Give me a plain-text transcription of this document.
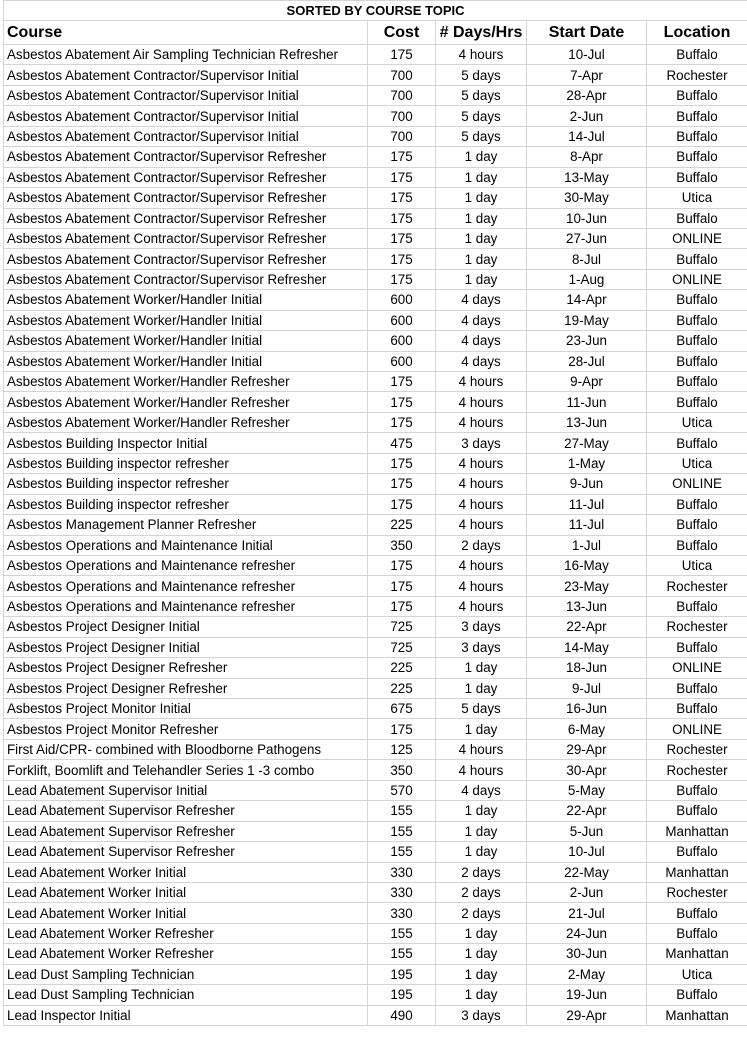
SORTED BY COURSE TOPIC				
Course	Cost	# Days/Hrs	Start Date	Location
Asbestos Abatement Air Sampling Technician Refresher	175	4 hours	10-Jul	Buffalo
Asbestos Abatement Contractor/Supervisor Initial	700	5 days	7-Apr	Rochester
Asbestos Abatement Contractor/Supervisor Initial	700	5 days	28-Apr	Buffalo
Asbestos Abatement Contractor/Supervisor Initial	700	5 days	2-Jun	Buffalo
Asbestos Abatement Contractor/Supervisor Initial	700	5 days	14-Jul	Buffalo
Asbestos Abatement Contractor/Supervisor Refresher	175	1 day	8-Apr	Buffalo
Asbestos Abatement Contractor/Supervisor Refresher	175	1 day	13-May	Buffalo
Asbestos Abatement Contractor/Supervisor Refresher	175	1 day	30-May	Utica
Asbestos Abatement Contractor/Supervisor Refresher	175	1 day	10-Jun	Buffalo
Asbestos Abatement Contractor/Supervisor Refresher	175	1 day	27-Jun	ONLINE
Asbestos Abatement Contractor/Supervisor Refresher	175	1 day	8-Jul	Buffalo
Asbestos Abatement Contractor/Supervisor Refresher	175	1 day	1-Aug	ONLINE
Asbestos Abatement Worker/Handler Initial	600	4 days	14-Apr	Buffalo
Asbestos Abatement Worker/Handler Initial	600	4 days	19-May	Buffalo
Asbestos Abatement Worker/Handler Initial	600	4 days	23-Jun	Buffalo
Asbestos Abatement Worker/Handler Initial	600	4 days	28-Jul	Buffalo
Asbestos Abatement Worker/Handler Refresher	175	4 hours	9-Apr	Buffalo
Asbestos Abatement Worker/Handler Refresher	175	4 hours	11-Jun	Buffalo
Asbestos Abatement Worker/Handler Refresher	175	4 hours	13-Jun	Utica
Asbestos Building Inspector Initial	475	3 days	27-May	Buffalo
Asbestos Building inspector refresher	175	4 hours	1-May	Utica
Asbestos Building inspector refresher	175	4 hours	9-Jun	ONLINE
Asbestos Building inspector refresher	175	4 hours	11-Jul	Buffalo
Asbestos Management Planner Refresher	225	4 hours	11-Jul	Buffalo
Asbestos Operations and Maintenance Initial	350	2 days	1-Jul	Buffalo
Asbestos Operations and Maintenance refresher	175	4 hours	16-May	Utica
Asbestos Operations and Maintenance refresher	175	4 hours	23-May	Rochester
Asbestos Operations and Maintenance refresher	175	4 hours	13-Jun	Buffalo
Asbestos Project Designer Initial	725	3 days	22-Apr	Rochester
Asbestos Project Designer Initial	725	3 days	14-May	Buffalo
Asbestos Project Designer Refresher	225	1 day	18-Jun	ONLINE
Asbestos Project Designer Refresher	225	1 day	9-Jul	Buffalo
Asbestos Project Monitor Initial	675	5 days	16-Jun	Buffalo
Asbestos Project Monitor Refresher	175	1 day	6-May	ONLINE
First Aid/CPR- combined with Bloodborne Pathogens	125	4 hours	29-Apr	Rochester
Forklift, Boomlift and Telehandler Series 1 -3 combo	350	4 hours	30-Apr	Rochester
Lead Abatement Supervisor Initial	570	4 days	5-May	Buffalo
Lead Abatement Supervisor Refresher	155	1 day	22-Apr	Buffalo
Lead Abatement Supervisor Refresher	155	1 day	5-Jun	Manhattan
Lead Abatement Supervisor Refresher	155	1 day	10-Jul	Buffalo
Lead Abatement Worker Initial	330	2 days	22-May	Manhattan
Lead Abatement Worker Initial	330	2 days	2-Jun	Rochester
Lead Abatement Worker Initial	330	2 days	21-Jul	Buffalo
Lead Abatement Worker Refresher	155	1 day	24-Jun	Buffalo
Lead Abatement Worker Refresher	155	1 day	30-Jun	Manhattan
Lead Dust Sampling Technician	195	1 day	2-May	Utica
Lead Dust Sampling Technician	195	1 day	19-Jun	Buffalo
Lead Inspector Initial	490	3 days	29-Apr	Manhattan
